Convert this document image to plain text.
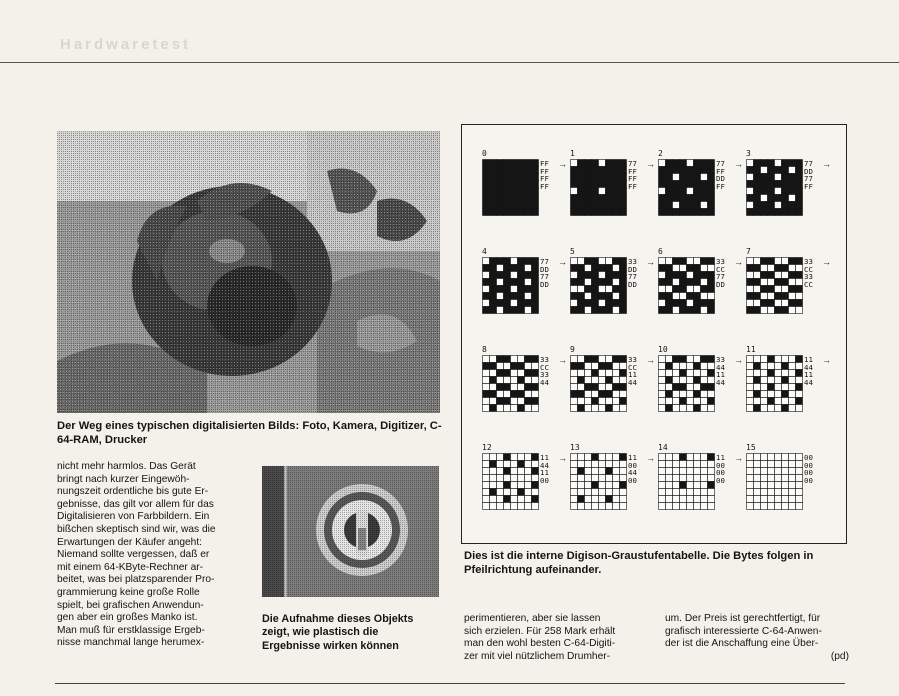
Hardwaretest
Der Weg eines typischen digitalisierten Bilds: Foto, Kamera, Digitizer, C-64-RAM, Drucker

nicht mehr harmlos. Das Gerät

bringt nach kurzer Eingewöh-

nungszeit ordentliche bis gute Er-

gebnisse, das gilt vor allem für das

Digitalisieren von Farbbildern. Ein

bißchen skeptisch sind wir, was die

Erwartungen der Käufer angeht:

Niemand sollte vergessen, daß er

mit einem 64-KByte-Rechner ar-

beitet, was bei platzsparender Pro-

grammierung keine große Rolle

spielt, bei grafischen Anwendun-

gen aber ein großes Manko ist.

Man muß für erstklassige Ergeb-

nisse manchmal lange herumex-

Die Aufnahme dieses Objekts zeigt, wie plastisch die Ergebnisse wirken können
0
FF
FF
FF
FF
→
1
77
FF
FF
FF
→
2
77
FF
DD
FF
→
3
77
DD
77
FF
→
4
77
DD
77
DD
→
5
33
DD
77
DD
→
6
33
CC
77
DD
→
7
33
CC
33
CC
→
8
33
CC
33
44
→
9
33
CC
11
44
→
10
33
44
11
44
→
11
11
44
11
44
→
12
11
44
11
00
→
13
11
00
44
00
→
14
11
00
00
00
→
15
00
00
00
00
Dies ist die interne Digison-Graustufentabelle. Die Bytes folgen in Pfeilrichtung aufeinander.

perimentieren, aber sie lassen

sich erzielen. Für 258 Mark erhält

man den wohl besten C-64-Digiti-

zer mit viel nützlichem Drumher-

um. Der Preis ist gerechtfertigt, für

grafisch interessierte C-64-Anwen-

der ist die Anschaffung eine Über-

(pd)
